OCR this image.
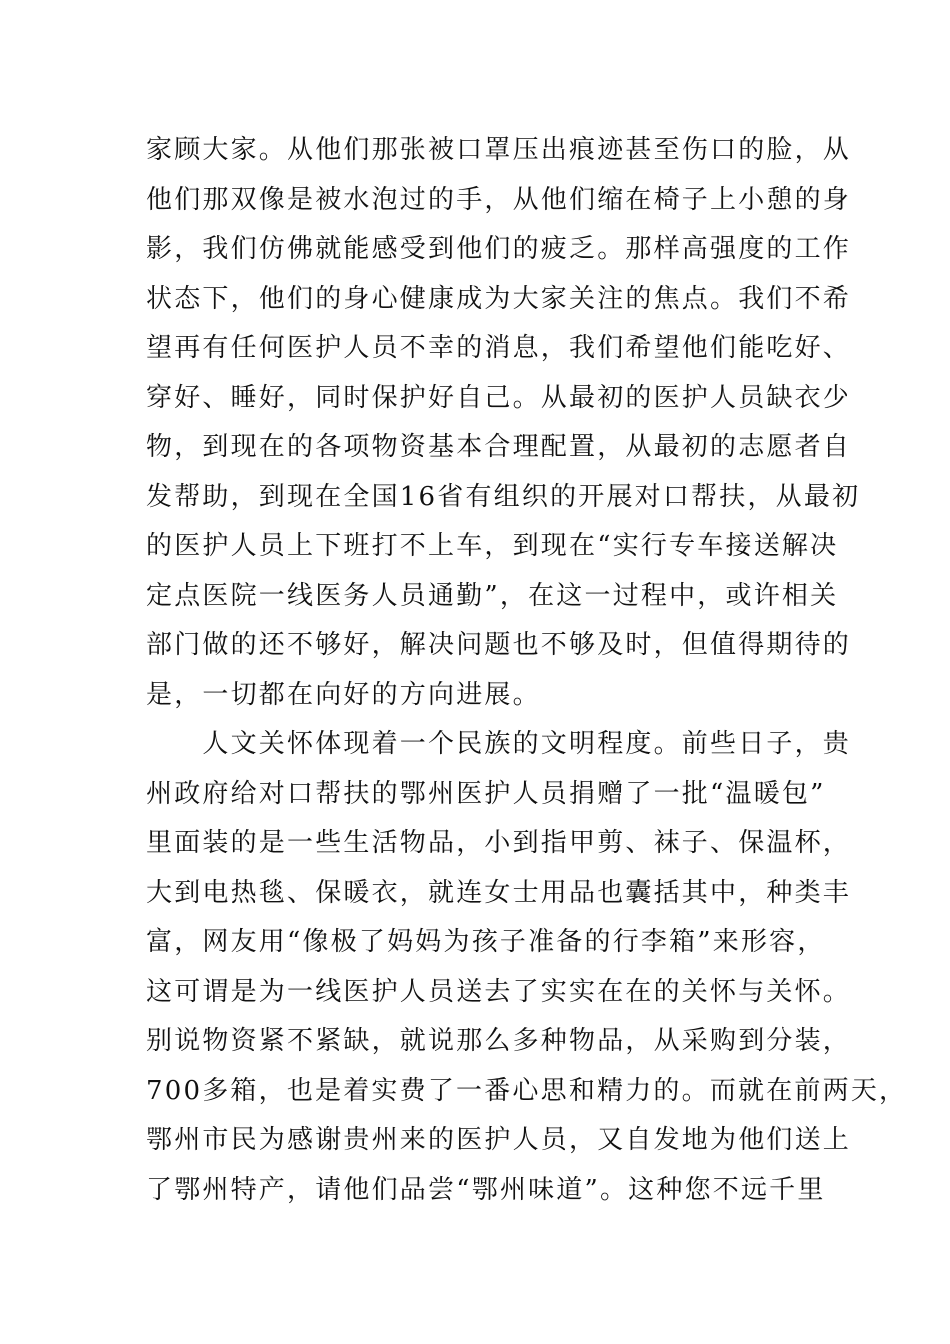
家顾大家。从他们那张被口罩压出痕迹甚至伤口的脸，从
他们那双像是被水泡过的手，从他们缩在椅子上小憩的身
影，我们仿佛就能感受到他们的疲乏。那样高强度的工作
状态下，他们的身心健康成为大家关注的焦点。我们不希
望再有任何医护人员不幸的消息，我们希望他们能吃好、
穿好、睡好，同时保护好自己。从最初的医护人员缺衣少
物，到现在的各项物资基本合理配置，从最初的志愿者自
发帮助，到现在全国16省有组织的开展对口帮扶，从最初
的医护人员上下班打不上车，到现在“实行专车接送解决
定点医院一线医务人员通勤”，在这一过程中，或许相关
部门做的还不够好，解决问题也不够及时，但值得期待的
是，一切都在向好的方向进展。
　　人文关怀体现着一个民族的文明程度。前些日子，贵
州政府给对口帮扶的鄂州医护人员捐赠了一批“温暖包”
里面装的是一些生活物品，小到指甲剪、袜子、保温杯，
大到电热毯、保暖衣，就连女士用品也囊括其中，种类丰
富，网友用“像极了妈妈为孩子准备的行李箱”来形容，
这可谓是为一线医护人员送去了实实在在的关怀与关怀。
别说物资紧不紧缺，就说那么多种物品，从采购到分装，
700多箱，也是着实费了一番心思和精力的。而就在前两天，
鄂州市民为感谢贵州来的医护人员，又自发地为他们送上
了鄂州特产，请他们品尝“鄂州味道”。这种您不远千里
